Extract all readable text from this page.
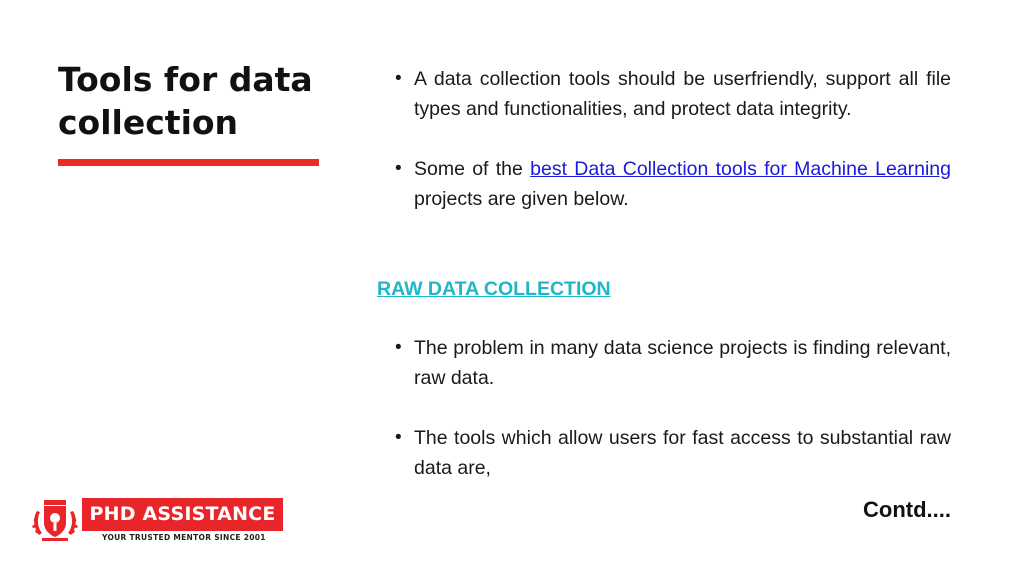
Tools for data collection
• A data collection tools should be userfriendly, support all file types and functionalities, and protect data integrity.
• Some of the best Data Collection tools for Machine Learning projects are given below.
RAW DATA COLLECTION
• The problem in many data science projects is finding relevant, raw data.
• The tools which allow users for fast access to substantial raw data are,
Contd....
PHD ASSISTANCE
YOUR TRUSTED MENTOR SINCE 2001
